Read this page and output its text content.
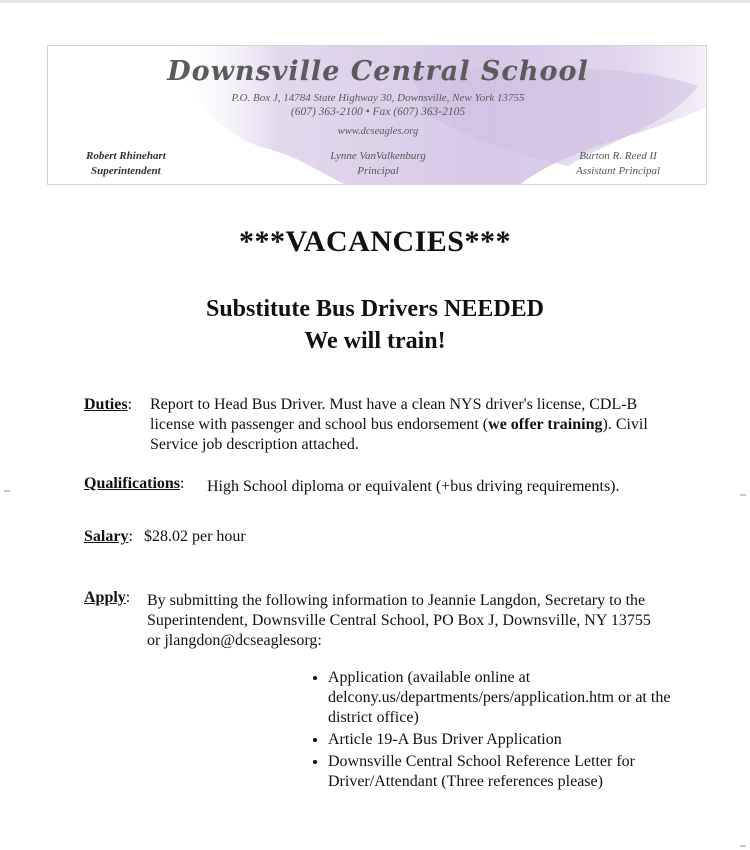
Downsville Central School
P.O. Box J, 14784 State Highway 30, Downsville, New York 13755
(607) 363-2100 • Fax (607) 363-2105
www.dcseagles.org
Robert Rhinehart
Superintendent
Lynne VanValkenburg
Principal
Burton R. Reed II
Assistant Principal
***VACANCIES***
Substitute Bus Drivers NEEDED
We will train!
Duties: Report to Head Bus Driver. Must have a clean NYS driver's license, CDL-B license with passenger and school bus endorsement (we offer training). Civil Service job description attached.
Qualifications: High School diploma or equivalent (+bus driving requirements).
Salary: $28.02 per hour
Apply: By submitting the following information to Jeannie Langdon, Secretary to the Superintendent, Downsville Central School, PO Box J, Downsville, NY 13755 or jlangdon@dcseaglesorg:
• Application (available online at delcony.us/departments/pers/application.htm or at the district office)
• Article 19-A Bus Driver Application
• Downsville Central School Reference Letter for Driver/Attendant (Three references please)
